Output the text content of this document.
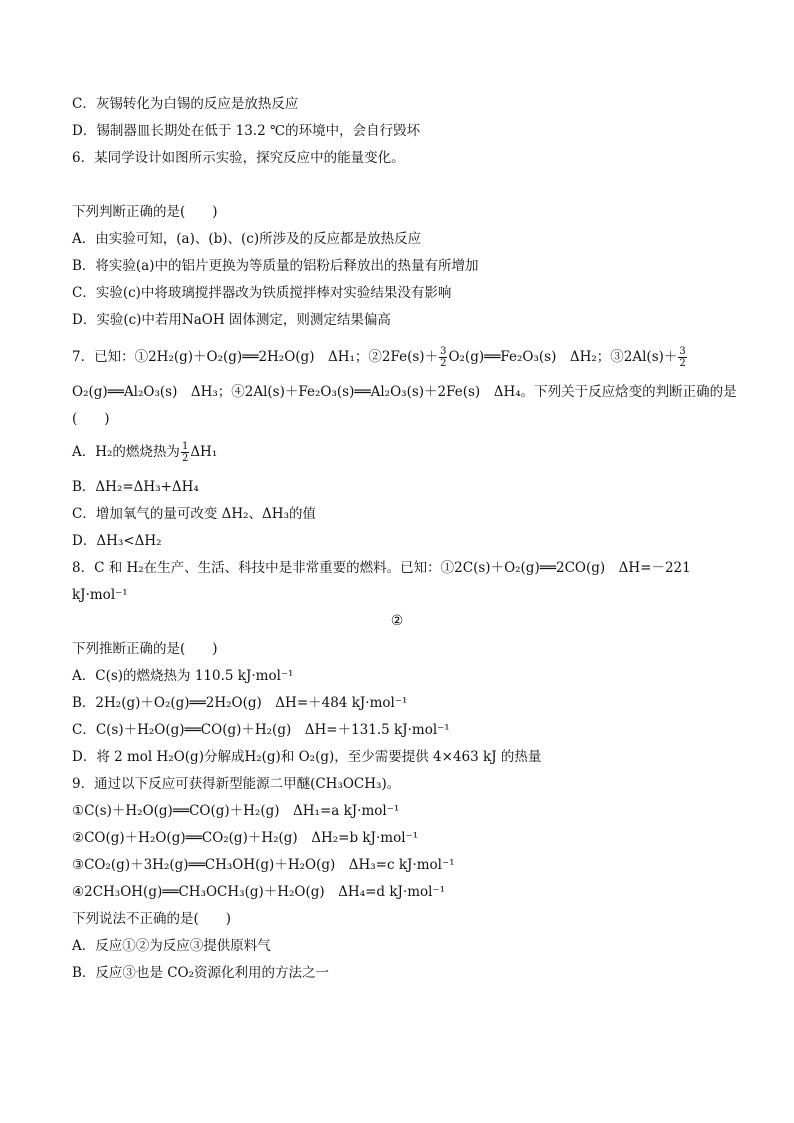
C．灰锡转化为白锡的反应是放热反应
D．锡制器皿长期处在低于 13.2 ℃的环境中，会自行毁坏
6．某同学设计如图所示实验，探究反应中的能量变化。
下列判断正确的是(　　)
A．由实验可知，(a)、(b)、(c)所涉及的反应都是放热反应
B．将实验(a)中的铝片更换为等质量的铝粉后释放出的热量有所增加
C．实验(c)中将玻璃搅拌器改为铁质搅拌棒对实验结果没有影响
D．实验(c)中若用NaOH 固体测定，则测定结果偏高
7．已知：①2H₂(g)＋O₂(g)══2H₂O(g)　ΔH₁；②2Fe(s)＋ $\frac{3}{2}$ O₂(g)══Fe₂O₃(s)　ΔH₂；③2Al(s)＋ $\frac{3}{2}$
O₂(g)══Al₂O₃(s)　ΔH₃；④2Al(s)＋Fe₂O₃(s)══Al₂O₃(s)＋2Fe(s)　ΔH₄。下列关于反应焓变的判断正确的是
(　　)
A．H₂的燃烧热为 $\frac{1}{2} \Delta H_1$
B．ΔH₂=ΔH₃+ΔH₄
C．增加氧气的量可改变 ΔH₂、ΔH₃的值
D．ΔH₃<ΔH₂
8．C 和 H₂在生产、生活、科技中是非常重要的燃料。已知：①2C(s)＋O₂(g)══2CO(g)　ΔH=－221
kJ·mol⁻¹
②
下列推断正确的是(　　)
A．C(s)的燃烧热为 110.5 kJ·mol⁻¹
B．2H₂(g)＋O₂(g)══2H₂O(g)　ΔH=＋484 kJ·mol⁻¹
C．C(s)＋H₂O(g)══CO(g)＋H₂(g)　ΔH=＋131.5 kJ·mol⁻¹
D．将 2 mol H₂O(g)分解成H₂(g)和 O₂(g)，至少需要提供 4×463 kJ 的热量
9．通过以下反应可获得新型能源二甲醚(CH₃OCH₃)。
①C(s)＋H₂O(g)══CO(g)＋H₂(g)　ΔH₁=a kJ·mol⁻¹
②CO(g)＋H₂O(g)══CO₂(g)＋H₂(g)　ΔH₂=b kJ·mol⁻¹
③CO₂(g)＋3H₂(g)══CH₃OH(g)＋H₂O(g)　ΔH₃=c kJ·mol⁻¹
④2CH₃OH(g)══CH₃OCH₃(g)＋H₂O(g)　ΔH₄=d kJ·mol⁻¹
下列说法不正确的是(　　)
A．反应①②为反应③提供原料气
B．反应③也是 CO₂资源化利用的方法之一
